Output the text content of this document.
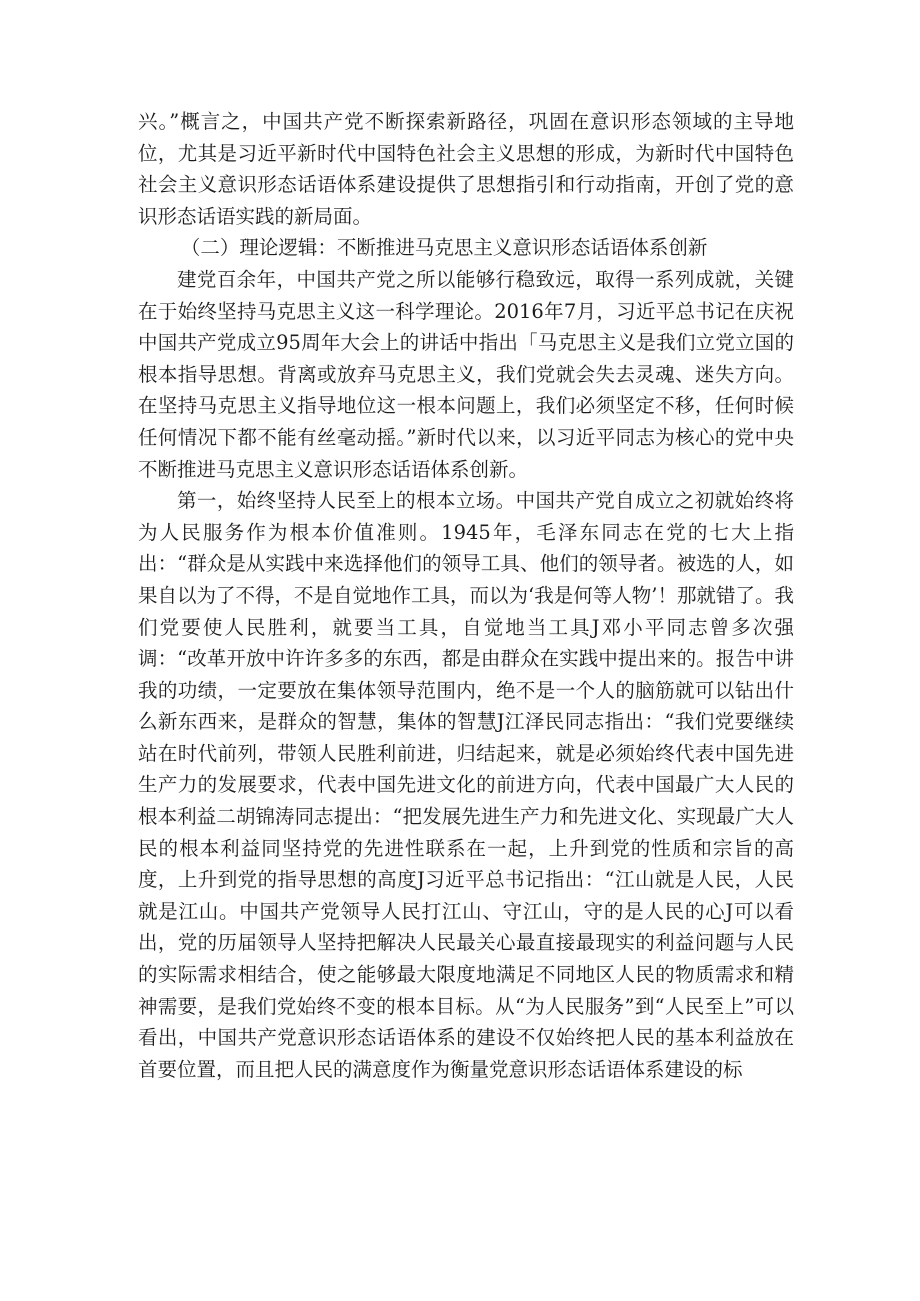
兴。”概言之，中国共产党不断探索新路径，巩固在意识形态领域的主导地位，尤其是习近平新时代中国特色社会主义思想的形成，为新时代中国特色社会主义意识形态话语体系建设提供了思想指引和行动指南，开创了党的意识形态话语实践的新局面。

（二）理论逻辑：不断推进马克思主义意识形态话语体系创新

建党百余年，中国共产党之所以能够行稳致远，取得一系列成就，关键在于始终坚持马克思主义这一科学理论。2016年7月，习近平总书记在庆祝中国共产党成立95周年大会上的讲话中指出「马克思主义是我们立党立国的根本指导思想。背离或放弃马克思主义，我们党就会失去灵魂、迷失方向。在坚持马克思主义指导地位这一根本问题上，我们必须坚定不移，任何时候任何情况下都不能有丝毫动摇。”新时代以来，以习近平同志为核心的党中央不断推进马克思主义意识形态话语体系创新。

第一，始终坚持人民至上的根本立场。中国共产党自成立之初就始终将为人民服务作为根本价值准则。1945年，毛泽东同志在党的七大上指出：“群众是从实践中来选择他们的领导工具、他们的领导者。被选的人，如果自以为了不得，不是自觉地作工具，而以为‘我是何等人物’！那就错了。我们党要使人民胜利，就要当工具，自觉地当工具J邓小平同志曾多次强调：“改革开放中许许多多的东西，都是由群众在实践中提出来的。报告中讲我的功绩，一定要放在集体领导范围内，绝不是一个人的脑筋就可以钻出什么新东西来，是群众的智慧，集体的智慧J江泽民同志指出：“我们党要继续站在时代前列，带领人民胜利前进，归结起来，就是必须始终代表中国先进生产力的发展要求，代表中国先进文化的前进方向，代表中国最广大人民的根本利益二胡锦涛同志提出：“把发展先进生产力和先进文化、实现最广大人民的根本利益同坚持党的先进性联系在一起，上升到党的性质和宗旨的高度，上升到党的指导思想的高度J习近平总书记指出：“江山就是人民，人民就是江山。中国共产党领导人民打江山、守江山，守的是人民的心J可以看出，党的历届领导人坚持把解决人民最关心最直接最现实的利益问题与人民的实际需求相结合，使之能够最大限度地满足不同地区人民的物质需求和精神需要，是我们党始终不变的根本目标。从“为人民服务”到“人民至上”可以看出，中国共产党意识形态话语体系的建设不仅始终把人民的基本利益放在首要位置，而且把人民的满意度作为衡量党意识形态话语体系建设的标
